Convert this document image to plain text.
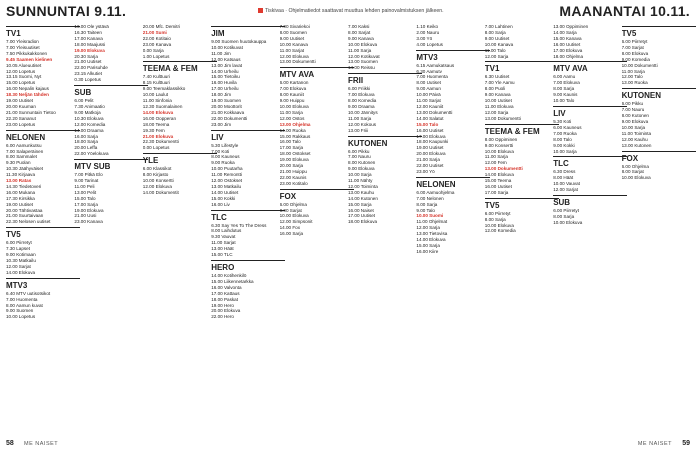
SUNNUNTAI 9.11.	Tiskivaa · Ohjelmatiedot saattavat muuttua lehden painovalmistuksen jälkeen.	MAANANTAI 10.11.
TV1
7.00 Yleisradion
7.00 Yleisuutiset
7.50 Pikkukakkonen
9.45 Saamen kielinen
10.05 Alueuutiset
12.00 Lopetus
13.15 Suomi, Nyt
15.00 Lopetus
16.00 Nepalin kajaus
18.30 Neljän tähden
19.00 Uutiset
20.00 Kuuman
21.00 Sunnuntain Tietoo
22.20 Sananut
23.00 Lopetus
NELONEN
6.00 Aamunkutsu
7.00 Salaperäinen
8.00 Sammalet
9.30 Puolan
10.30 Jäähyväiset
11.30 Kirjaava
13.00 Ratas
14.30 Tiedetoveri
16.00 Mukana
17.30 Kirsikka
19.00 Uutiset
20.00 Tähtivastaa
21.00 Suurtaivaan
22.30 Nelosen uutiset
TV5
6.00 Piirretyt
7.30 Lapset
9.00 Kotimaan
10.30 Matkailu
12.00 Sarjat
14.00 Elokuva
MTV3
6.40 MTV uutisotsikot
7.00 Huomenta
8.00 Aamun kuvat
9.00 Suomen
10.00 Lopetus
16.00 Ole ystävä
16.30 Taiteen
17.00 Kanava
18.00 Maajussi
19.00 Elokuva
20.30 Sarja
21.00 Uutiset
22.00 Parisuhde
23.15 Alkutiet
0.30 Lopetus
SUB
6.00 Pelit
7.30 Animaatio
9.00 Matkoja
10.30 Elokuva
12.00 Komedia
14.00 Draama
16.00 Sarja
18.00 Sarja
20.00 Leffa
22.00 Yöelokuva
MTV SUB
7.00 Pitkä Elo
9.00 Tarinat
11.00 Peli
13.00 Pelit
15.00 Talo
17.00 Sarja
19.00 Elokuva
21.00 Uusi
23.00 Kanava
20.00 Mfc. Demitri
21.00 Sumi
22.00 Kotitaio
23.00 Kanava
0.00 Sarja
1.00 Lopetus
TEEMA & FEM
7.40 Kulttuuri
8.15 Kulttuuri
9.00 Teemaklassikko
10.00 Laulut
11.00 Sinfonia
12.30 Suomalainen
14.00 Elokuva
16.00 Oopperan
18.00 Teema
19.30 Fem
21.00 Elokuva
22.30 Dokumentti
0.00 Lopetus
YLE
6.00 Klassikot
8.00 Kirjasto
10.00 Konsertti
12.00 Elokuva
14.00 Dokumentit
JIM
9.00 Suomen huutokauppa
10.00 Kotikuvat
11.00 Jim
12.00 Katsaus
13.00 Jim lavat
14.00 Urheilu
15.00 Tietoiku
16.00 Huvila
17.00 Urheilu
18.00 Jim
19.00 Suomen
20.00 Moottorit
21.00 Kokkaava
22.00 Dokumentti
23.00 Jim
LIV
5.30 Lifestyle
7.00 Koti
8.00 Kauneus
9.00 Ruoka
10.00 Puutarha
11.00 Remontti
12.00 Ostokset
13.00 Matkailu
14.00 Uutiset
15.00 Kokki
16.00 Liv
TLC
6.30 Say Yes To The Dress
8.00 Laihdutus
9.30 Vauvat
11.00 Sarjat
13.00 Häät
15.00 TLC
HERO
14.00 Kotihenkilö
15.00 Liikennetarkka
16.00 Valvonta
17.00 Kattaus
18.00 Paskat
19.00 Hero
20.00 Elokuva
22.00 Hero
7.00 Sivariekoi
8.00 Suomen
9.00 Uutiset
10.00 Kanava
11.00 Sarjat
12.00 Elokuva
13.00 Dokumentti
MTV AVA
6.00 Kartanon
7.00 Elokuva
8.00 Kauniit
9.00 Huippu
10.00 Elokuva
11.00 Sarja
12.00 Ostos
13.00 Ohjelma
14.00 Ruoka
15.00 Rakkaus
16.00 Talo
17.00 Sarja
18.00 Ostokset
19.00 Elokuva
20.00 Sarja
21.00 Huippu
22.00 Kaunis
23.00 Kotitalo
FOX
6.00 Ohjelma
8.00 Sarjat
10.00 Elokuva
12.00 Simpsonit
14.00 Fox
16.00 Sarja
7.00 Kaksi
8.00 Sarjat
9.00 Kanava
10.00 Elokuva
11.00 Sarja
12.00 Kotikuvat
13.00 Suomen
14.00 Reissu
FRII
6.00 Friikki
7.00 Elokuva
8.00 Komedia
9.00 Draama
10.00 Jännitys
11.00 Sarja
12.00 Kokous
13.00 Friii
KUTONEN
6.00 Pikku
7.00 Nauru
8.00 Kutonen
9.00 Elokuva
10.00 Sarja
11.00 Nähty
12.00 Toiminta
13.00 Kauhu
14.00 Kutonen
15.00 Sarja
16.00 Naiset
17.00 Uutiset
18.00 Elokuva
1.10 Keiko
2.00 Nauru
3.00 Yö
4.00 Lopetus
MTV3
6.15 Aamukatsaus
6.30 Aamutv
7.00 Huomenta
8.00 Uutiset
9.00 Aamun
10.00 Päivä
11.00 Sarjat
12.00 Kauniit
13.00 Dokumentti
14.00 Salatut
15.00 Talo
16.00 Uutiset
17.00 Elokuva
18.00 Kaupunki
19.00 Uutiset
20.00 Elokuva
21.00 Sarja
22.00 Uutiset
23.00 Yö
NELONEN
6.00 Aamuohjelma
7.00 Nelonen
8.00 Sarja
9.00 Talo
10.00 Suomi
11.00 Ohjelmat
12.00 Sarja
13.00 Tietovisa
14.00 Elokuva
15.00 Sarja
16.00 Kiire
7.00 Lahtinen
8.00 Sarja
9.00 Uutiset
10.00 Kanava
11.00 Talo
12.00 Sarja
TV1
6.30 Uutiset
7.00 Yle Aamu
8.00 Puoli
9.00 Kanava
10.00 Uutiset
11.00 Elokuva
12.00 Sarja
13.00 Dokumentti
TEEMA & FEM
8.00 Oppiminen
9.00 Konsertti
10.00 Elokuva
11.00 Sarja
12.00 Fem
13.00 Dokumentti
14.00 Elokuva
15.00 Teema
16.00 Uutiset
17.00 Sarja
TV5
6.00 Piirretyt
8.00 Sarja
10.00 Elokuva
12.00 Komedia
13.00 Oppiminen
14.00 Sarja
15.00 Kanava
16.00 Uutiset
17.00 Elokuva
18.00 Ohjelma
MTV AVA
6.00 Aamu
7.00 Elokuva
8.00 Sarja
9.00 Kaunis
10.00 Talo
LIV
5.30 Koti
6.00 Kauneus
7.00 Ruoka
8.00 Talo
9.00 Kokki
10.00 Sarja
TLC
6.30 Dress
8.00 Häät
10.00 Vauvat
12.00 Sarjat
SUB
6.00 Piirretyt
8.00 Sarja
10.00 Elokuva
TV5
6.00 Piirretyt
7.00 Sarjat
8.00 Elokuva
9.00 Komedia
10.00 Dokumentti
11.00 Sarja
12.00 Talo
13.00 Ruoka
KUTONEN
6.00 Pikku
7.00 Nauru
8.00 Kutonen
9.00 Elokuva
10.00 Sarja
11.00 Toiminta
12.00 Kauhu
13.00 Kutonen
FOX
6.00 Ohjelma
8.00 Sarjat
10.00 Elokuva
58 ME NAISET	ME NAISET 59
